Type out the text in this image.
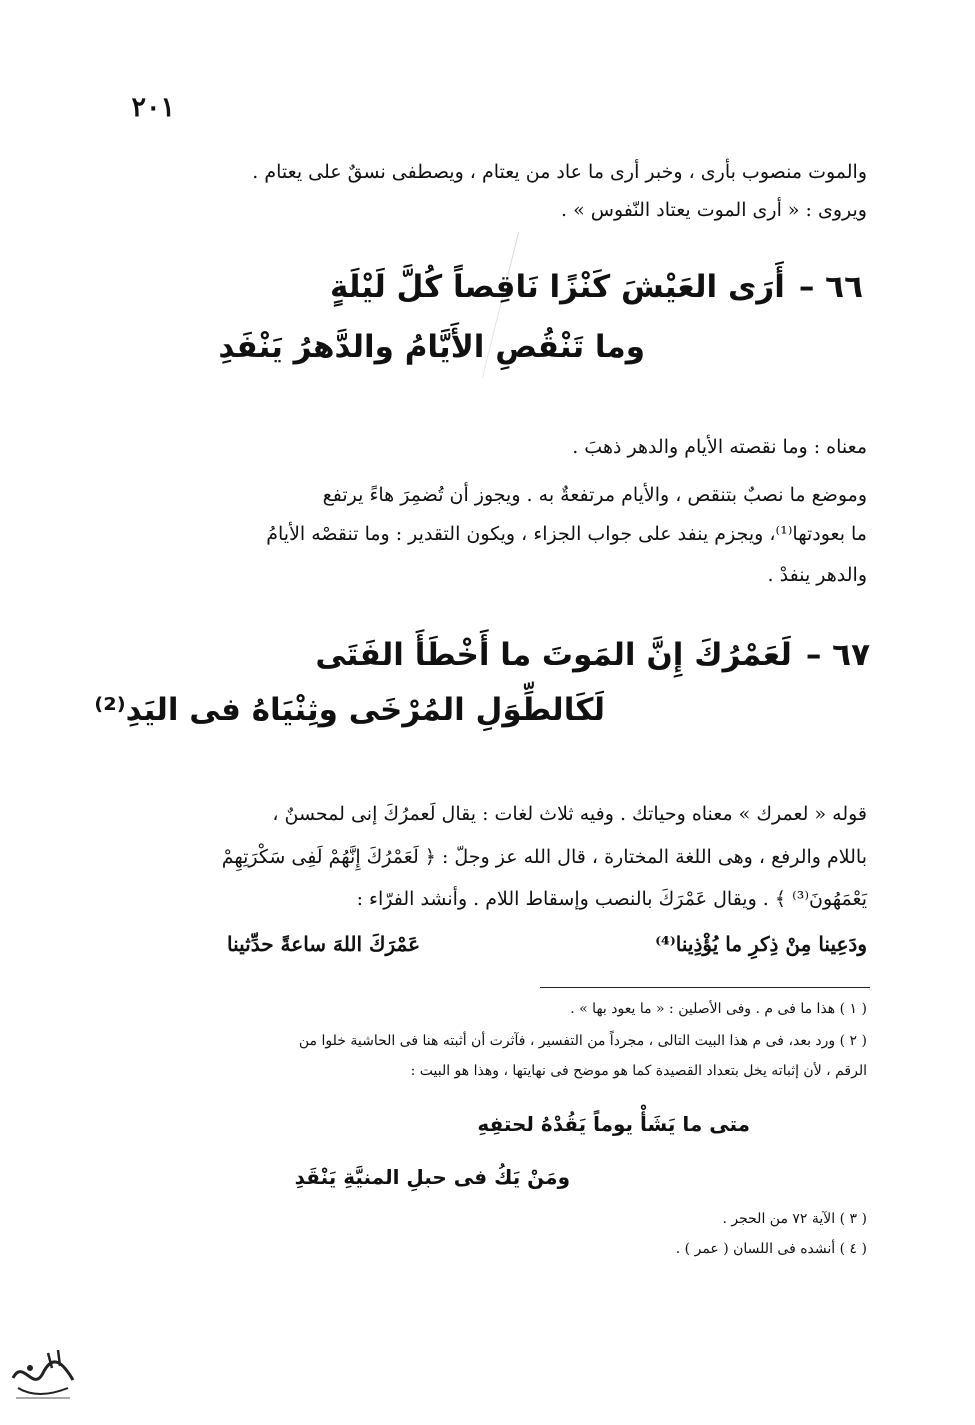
٢٠١
والموت منصوب بأرى ، وخبر أرى ما عاد من يعتام ، ويصطفى نسقٌ على يعتام .
ويروى : « أرى الموت يعتاد النّفوس » .
٦٦ –أَرَى العَيْشَ كَنْزًا نَاقِصاً كُلَّ لَيْلَةٍ
وما تَنْقُصِ الأَيَّامُ والدَّهرُ يَنْفَدِ
معناه : وما نقصته الأيام والدهر ذهبَ .
وموضع ما نصبٌ بتنقص ، والأيام مرتفعةٌ به . ويجوز أن تُضمِرَ هاءً يرتفع
ما بعودتها⁽¹⁾، ويجزم ينفد على جواب الجزاء ، ويكون التقدير : وما تنقصْه الأيامُ
والدهر ينفدْ .
٦٧ –لَعَمْرُكَ إِنَّ المَوتَ ما أَخْطَأَ الفَتَى
لَكَالطِّوَلِ المُرْخَى وثِنْيَاهُ فى اليَدِ⁽²⁾
قوله « لعمرك » معناه وحياتك . وفيه ثلاث لغات : يقال لَعمرُكَ إنى لمحسنٌ ،
باللام والرفع ، وهى اللغة المختارة ، قال الله عز وجلّ : ﴿ لَعَمْرُكَ إِنَّهُمْ لَفِى سَكْرَتِهِمْ
يَعْمَهُونَ⁽³⁾ ﴾ . ويقال عَمْرَكَ بالنصب وإسقاط اللام . وأنشد الفرّاء :
عَمْرَكَ اللهَ ساعةً حدِّثينا	ودَعِينا مِنْ ذِكرِ ما يُؤْذِينا⁽⁴⁾
( ١ ) هذا ما فى م . وفى الأصلين : « ما يعود بها » .
( ٢ ) ورد بعد، فى م هذا البيت التالى ، مجرداً من التفسير ، فآثرت أن أثبته هنا فى الحاشية خلوا من
الرقم ، لأن إثباته يخل بتعداد القصيدة كما هو موضح فى نهايتها ، وهذا هو البيت :
متى ما يَشَأْ يوماً يَقُدْهُ لحتفِهِ
ومَنْ يَكُ فى حبلِ المنيَّةِ يَنْقَدِ
( ٣ ) الآية ٧٢ من الحجر .
( ٤ ) أنشده فى اللسان ( عمر ) .
